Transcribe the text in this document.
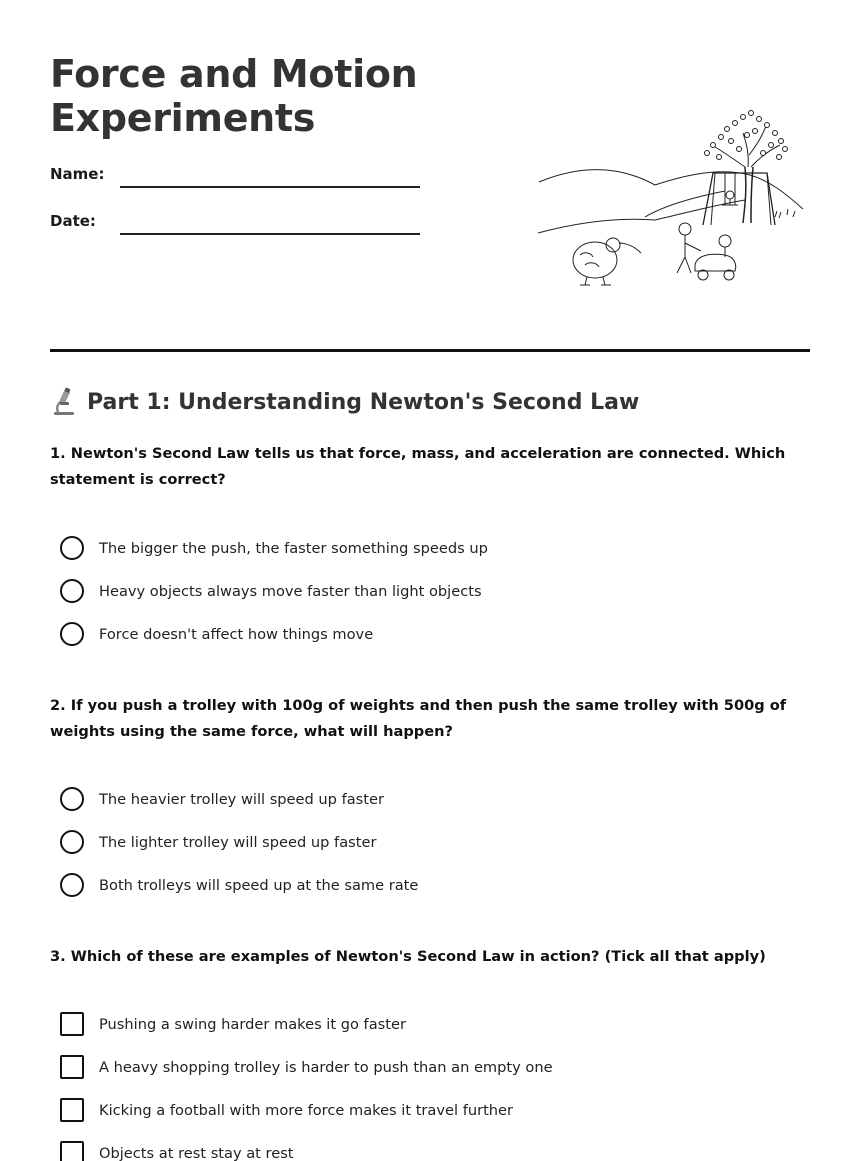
Force and Motion Experiments
Name:
Date:
Part 1: Understanding Newton's Second Law
1. Newton's Second Law tells us that force, mass, and acceleration are connected. Which statement is correct?
The bigger the push, the faster something speeds up
Heavy objects always move faster than light objects
Force doesn't affect how things move
2. If you push a trolley with 100g of weights and then push the same trolley with 500g of weights using the same force, what will happen?
The heavier trolley will speed up faster
The lighter trolley will speed up faster
Both trolleys will speed up at the same rate
3. Which of these are examples of Newton's Second Law in action? (Tick all that apply)
Pushing a swing harder makes it go faster
A heavy shopping trolley is harder to push than an empty one
Kicking a football with more force makes it travel further
Objects at rest stay at rest
